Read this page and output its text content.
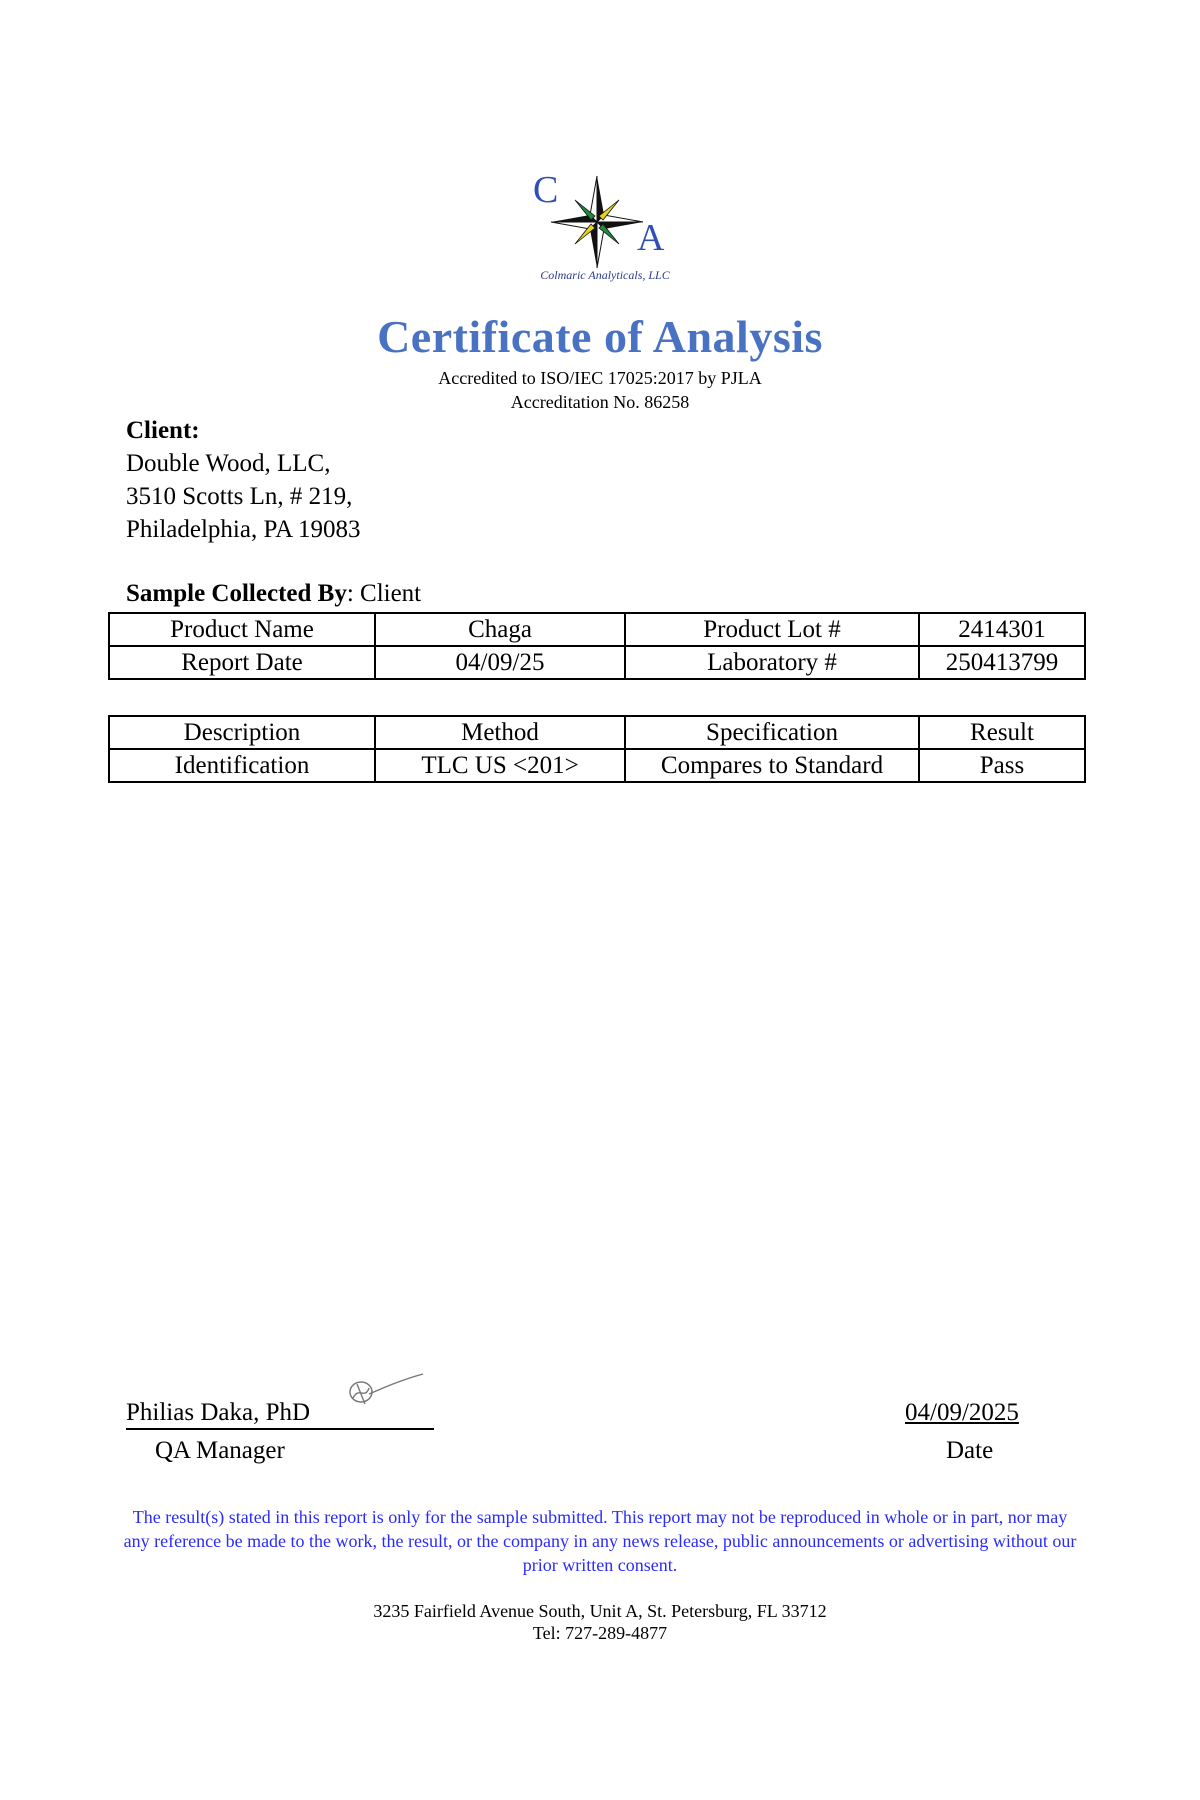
C
A
Colmaric Analyticals, LLC
Certificate of Analysis
Accredited to ISO/IEC 17025:2017 by PJLA
Accreditation No. 86258
Client:
Double Wood, LLC,
3510 Scotts Ln, # 219,
Philadelphia, PA 19083
Sample Collected By: Client
Product Name	Chaga	Product Lot #	2414301
Report Date	04/09/25	Laboratory #	250413799
Description	Method	Specification	Result
Identification	TLC US <201>	Compares to Standard	Pass
Philias Daka, PhD
QA Manager
04/09/2025
Date
The result(s) stated in this report is only for the sample submitted. This report may not be reproduced in whole or in part, nor may any reference be made to the work, the result, or the company in any news release, public announcements or advertising without our prior written consent.
3235 Fairfield Avenue South, Unit A, St. Petersburg, FL 33712
Tel: 727-289-4877
